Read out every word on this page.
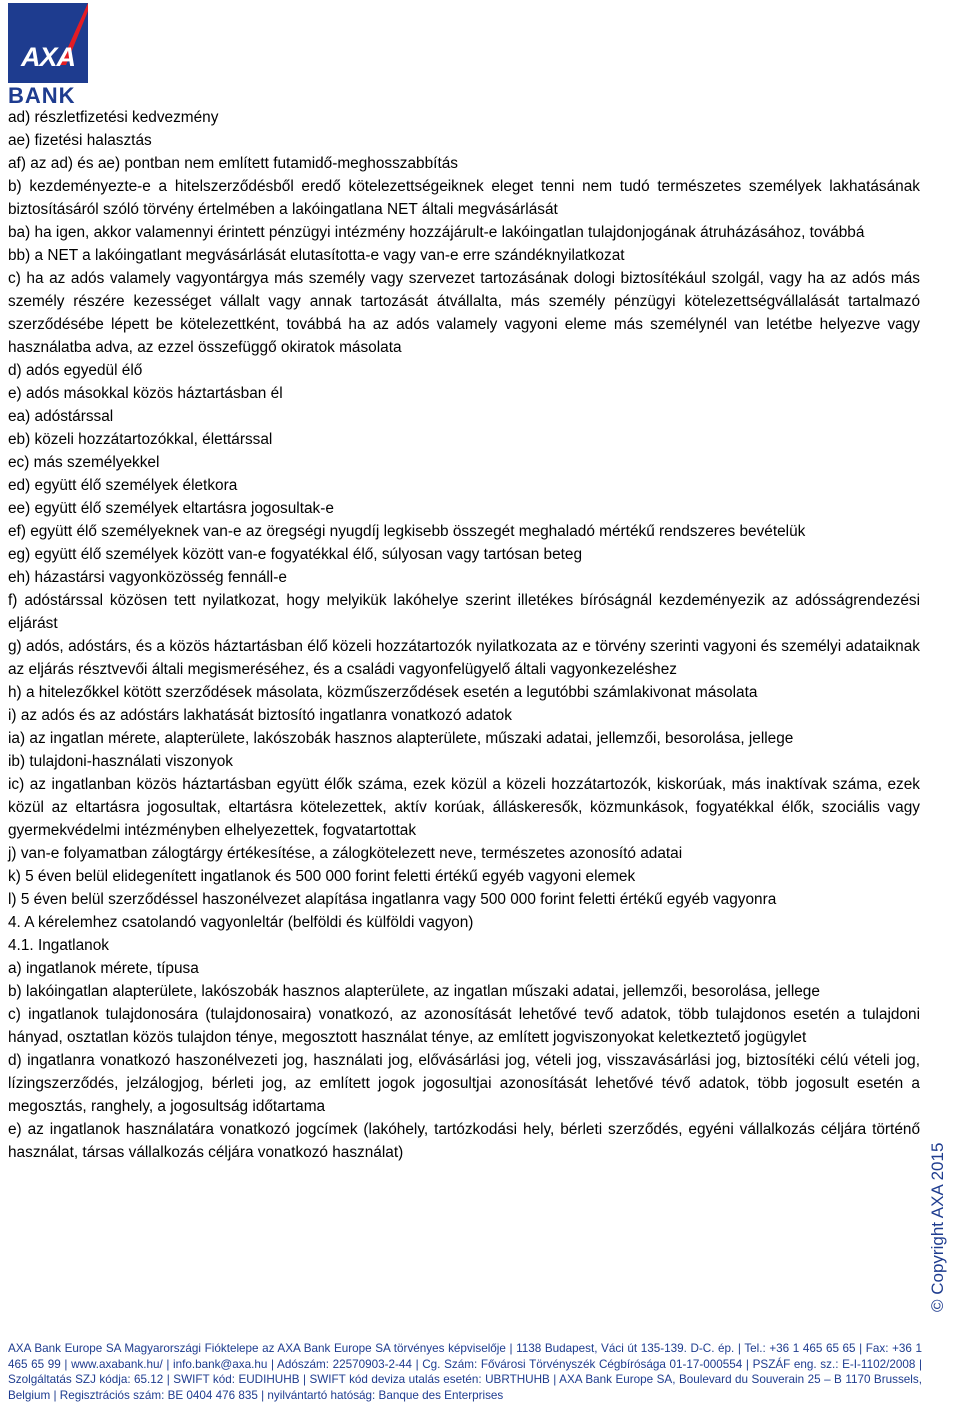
AXA
BANK

ad) részletfizetési kedvezmény

ae) fizetési halasztás

af) az ad) és ae) pontban nem említett futamidő-meghosszabbítás

b) kezdeményezte-e a hitelszerződésből eredő kötelezettségeiknek eleget tenni nem tudó természetes személyek lakhatásának biztosításáról szóló törvény értelmében a lakóingatlana NET általi megvásárlását

ba) ha igen, akkor valamennyi érintett pénzügyi intézmény hozzájárult-e lakóingatlan tulajdonjogának átruházásához, továbbá

bb) a NET a lakóingatlant megvásárlását elutasította-e vagy van-e erre szándéknyilatkozat

c) ha az adós valamely vagyontárgya más személy vagy szervezet tartozásának dologi biztosítékául szolgál, vagy ha az adós más személy részére kezességet vállalt vagy annak tartozását átvállalta, más személy pénzügyi kötelezettségvállalását tartalmazó szerződésébe lépett be kötelezettként, továbbá ha az adós valamely vagyoni eleme más személynél van letétbe helyezve vagy használatba adva, az ezzel összefüggő okiratok másolata

d) adós egyedül élő

e) adós másokkal közös háztartásban él

ea) adóstárssal

eb) közeli hozzátartozókkal, élettárssal

ec) más személyekkel

ed) együtt élő személyek életkora

ee) együtt élő személyek eltartásra jogosultak-e

ef) együtt élő személyeknek van-e az öregségi nyugdíj legkisebb összegét meghaladó mértékű rendszeres bevételük

eg) együtt élő személyek között van-e fogyatékkal élő, súlyosan vagy tartósan beteg

eh) házastársi vagyonközösség fennáll-e

f) adóstárssal közösen tett nyilatkozat, hogy melyikük lakóhelye szerint illetékes bíróságnál kezdeményezik az adósságrendezési eljárást

g) adós, adóstárs, és a közös háztartásban élő közeli hozzátartozók nyilatkozata az e törvény szerinti vagyoni és személyi adataiknak az eljárás résztvevői általi megismeréséhez, és a családi vagyonfelügyelő általi vagyonkezeléshez

h) a hitelezőkkel kötött szerződések másolata, közműszerződések esetén a legutóbbi számlakivonat másolata

i) az adós és az adóstárs lakhatását biztosító ingatlanra vonatkozó adatok

ia) az ingatlan mérete, alapterülete, lakószobák hasznos alapterülete, műszaki adatai, jellemzői, besorolása, jellege

ib) tulajdoni-használati viszonyok

ic) az ingatlanban közös háztartásban együtt élők száma, ezek közül a közeli hozzátartozók, kiskorúak, más inaktívak száma, ezek közül az eltartásra jogosultak, eltartásra kötelezettek, aktív korúak, álláskeresők, közmunkások, fogyatékkal élők, szociális vagy gyermekvédelmi intézményben elhelyezettek, fogvatartottak

j) van-e folyamatban zálogtárgy értékesítése, a zálogkötelezett neve, természetes azonosító adatai

k) 5 éven belül elidegenített ingatlanok és 500 000 forint feletti értékű egyéb vagyoni elemek

l) 5 éven belül szerződéssel haszonélvezet alapítása ingatlanra vagy 500 000 forint feletti értékű egyéb vagyonra

4. A kérelemhez csatolandó vagyonleltár (belföldi és külföldi vagyon)

4.1. Ingatlanok

a) ingatlanok mérete, típusa

b) lakóingatlan alapterülete, lakószobák hasznos alapterülete, az ingatlan műszaki adatai, jellemzői, besorolása, jellege

c) ingatlanok tulajdonosára (tulajdonosaira) vonatkozó, az azonosítását lehetővé tevő adatok, több tulajdonos esetén a tulajdoni hányad, osztatlan közös tulajdon ténye, megosztott használat ténye, az említett jogviszonyokat keletkeztető jogügylet

d) ingatlanra vonatkozó haszonélvezeti jog, használati jog, elővásárlási jog, vételi jog, visszavásárlási jog, biztosítéki célú vételi jog, lízingszerződés, jelzálogjog, bérleti jog, az említett jogok jogosultjai azonosítását lehetővé tévő adatok, több jogosult esetén a megosztás, ranghely, a jogosultság időtartama

e) az ingatlanok használatára vonatkozó jogcímek (lakóhely, tartózkodási hely, bérleti szerződés, egyéni vállalkozás céljára történő használat, társas vállalkozás céljára vonatkozó használat)	© Copyright AXA 2015
AXA Bank Europe SA Magyarországi Fióktelepe az AXA Bank Europe SA törvényes képviselője | 1138 Budapest, Váci út 135-139. D-C. ép. | Tel.: +36 1 465 65 65 | Fax: +36 1 465 65 99 | www.axabank.hu/ | info.bank@axa.hu | Adószám: 22570903-2-44 | Cg. Szám: Fővárosi Törvényszék Cégbírósága 01-17-000554 | PSZÁF eng. sz.: E-I-1102/2008 | Szolgáltatás SZJ kódja: 65.12 | SWIFT kód: EUDIHUHB | SWIFT kód deviza utalás esetén: UBRTHUHB | AXA Bank Europe SA, Boulevard du Souverain 25 – B 1170 Brussels, Belgium | Regisztrációs szám: BE 0404 476 835 | nyilvántartó hatóság: Banque des Enterprises
